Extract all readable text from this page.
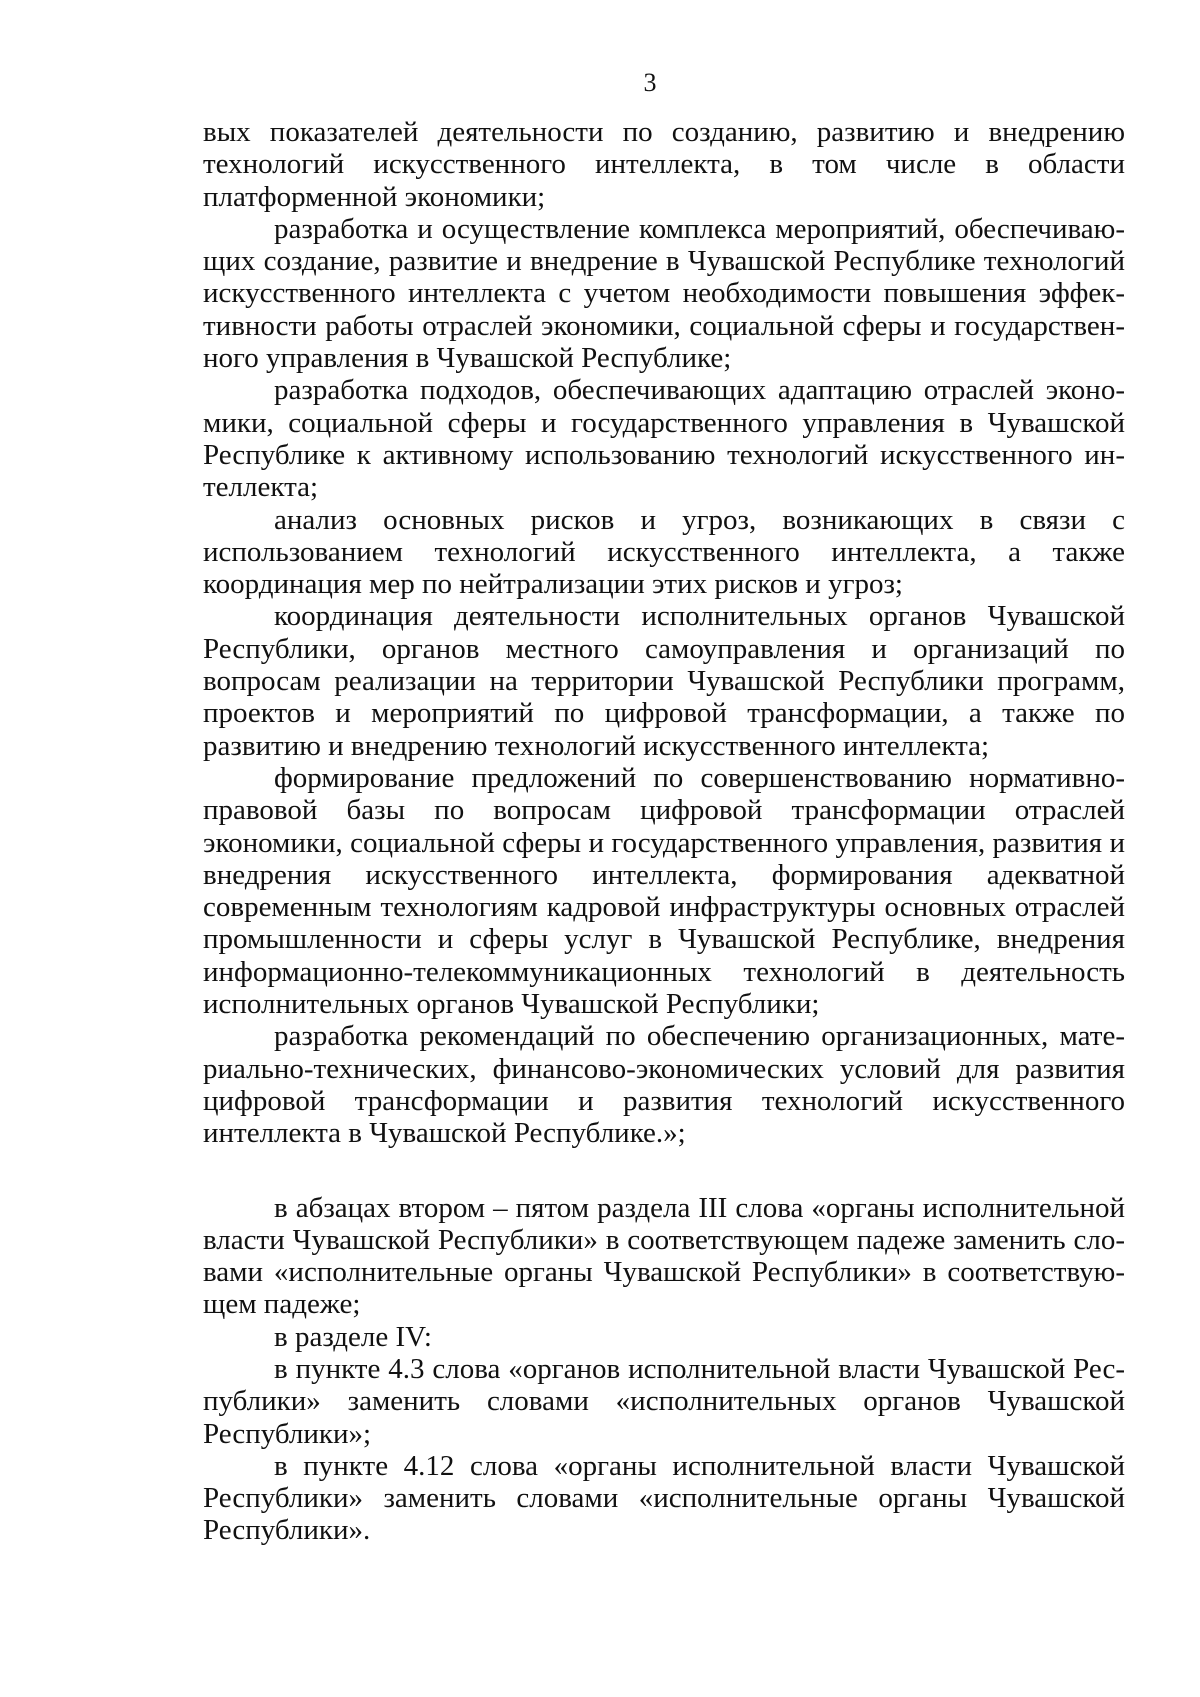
3

вых показателей деятельности по созданию, развитию и внедрению технологий искусственного интеллекта, в том числе в области платформенной экономики;

разработка и осуществление комплекса мероприятий, обеспечивающих создание, развитие и внедрение в Чувашской Республике технологий искусственного интеллекта с учетом необходимости повышения эффективности работы отраслей экономики, социальной сферы и государственного управления в Чувашской Республике;

разработка подходов, обеспечивающих адаптацию отраслей экономики, социальной сферы и государственного управления в Чувашской Республике к активному использованию технологий искусственного интеллекта;

анализ основных рисков и угроз, возникающих в связи с использованием технологий искусственного интеллекта, а также координация мер по нейтрализации этих рисков и угроз;

координация деятельности исполнительных органов Чувашской Республики, органов местного самоуправления и организаций по вопросам реализации на территории Чувашской Республики программ, проектов и мероприятий по цифровой трансформации, а также по развитию и внедрению технологий искусственного интеллекта;

формирование предложений по совершенствованию нормативно-правовой базы по вопросам цифровой трансформации отраслей экономики, социальной сферы и государственного управления, развития и внедрения искусственного интеллекта, формирования адекватной современным технологиям кадровой инфраструктуры основных отраслей промышленности и сферы услуг в Чувашской Республике, внедрения информационно-телекоммуникационных технологий в деятельность исполнительных органов Чувашской Республики;

разработка рекомендаций по обеспечению организационных, материально-технических, финансово-экономических условий для развития цифровой трансформации и развития технологий искусственного интеллекта в Чувашской Республике.»;

в абзацах втором – пятом раздела III слова «органы исполнительной власти Чувашской Республики» в соответствующем падеже заменить словами «исполнительные органы Чувашской Республики» в соответствующем падеже;

в разделе IV:

в пункте 4.3 слова «органов исполнительной власти Чувашской Республики» заменить словами «исполнительных органов Чувашской Республики»;

в пункте 4.12 слова «органы исполнительной власти Чувашской Республики» заменить словами «исполнительные органы Чувашской Республики».
